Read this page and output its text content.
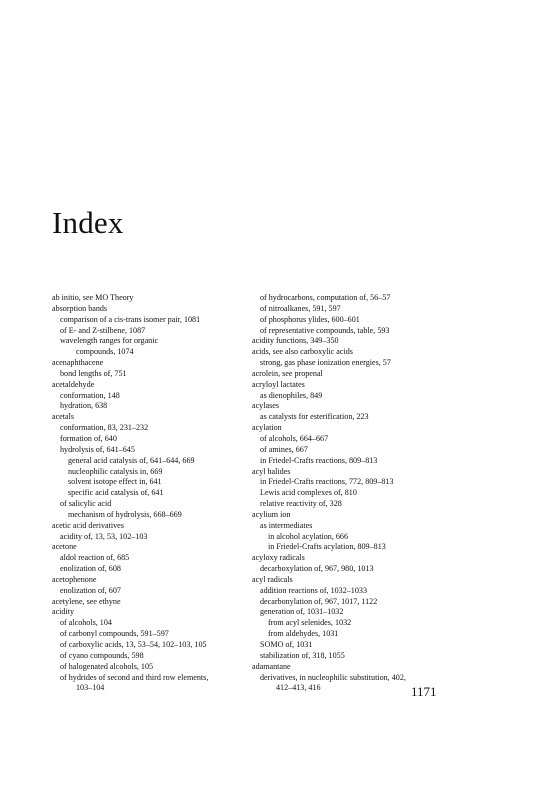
Index
ab initio, see MO Theory
absorption bands
comparison of a cis-trans isomer pair, 1081
of E- and Z-stilbene, 1087
wavelength ranges for organic
compounds, 1074
acenaphthacene
bond lengths of, 751
acetaldehyde
conformation, 148
hydration, 638
acetals
conformation, 83, 231–232
formation of, 640
hydrolysis of, 641–645
general acid catalysis of, 641–644, 669
nucleophilic catalysis in, 669
solvent isotope effect in, 641
specific acid catalysis of, 641
of salicylic acid
mechanism of hydrolysis, 668–669
acetic acid derivatives
acidity of, 13, 53, 102–103
acetone
aldol reaction of, 685
enolization of, 608
acetophenone
enolization of, 607
acetylene, see ethyne
acidity
of alcohols, 104
of carbonyl compounds, 591–597
of carboxylic acids, 13, 53–54, 102–103, 105
of cyano compounds, 598
of halogenated alcohols, 105
of hydrides of second and third row elements,
103–104
of hydrocarbons, computation of, 56–57
of nitroalkanes, 591, 597
of phosphorus ylides, 600–601
of representative compounds, table, 593
acidity functions, 349–350
acids, see also carboxylic acids
strong, gas phase ionization energies, 57
acrolein, see propenal
acryloyl lactates
as dienophiles, 849
acylases
as catalysts for esterification, 223
acylation
of alcohols, 664–667
of amines, 667
in Friedel-Crafts reactions, 809–813
acyl halides
in Friedel-Crafts reactions, 772, 809–813
Lewis acid complexes of, 810
relative reactivity of, 328
acylium ion
as intermediates
in alcohol acylation, 666
in Friedel-Crafts acylation, 809–813
acyloxy radicals
decarboxylation of, 967, 980, 1013
acyl radicals
addition reactions of, 1032–1033
decarbonylation of, 967, 1017, 1122
generation of, 1031–1032
from acyl selenides, 1032
from aldehydes, 1031
SOMO of, 1031
stabilization of, 318, 1055
adamantane
derivatives, in nucleophilic substitution, 402,
412–413, 416	1171
